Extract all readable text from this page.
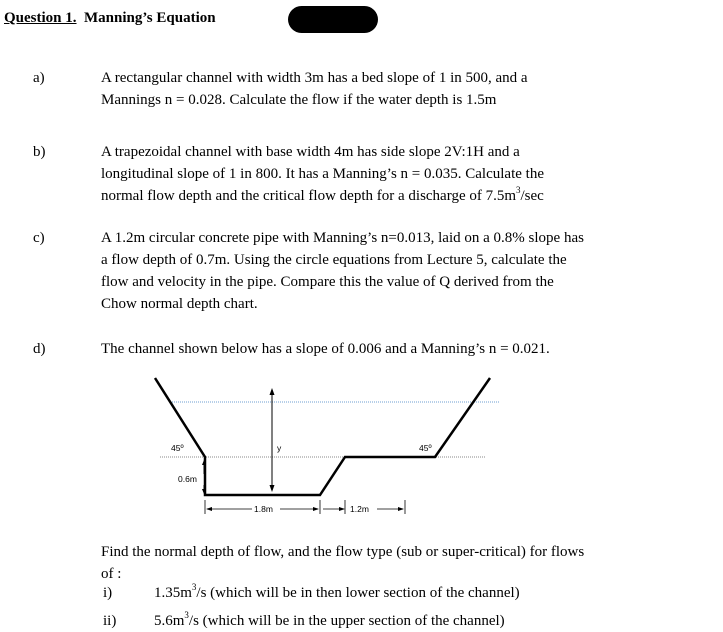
Question 1. Manning’s Equation
a)	A rectangular channel with width 3m has a bed slope of 1 in 500, and a
Mannings n = 0.028. Calculate the flow if the water depth is 1.5m
b)	A trapezoidal channel with base width 4m has side slope 2V:1H and a
longitudinal slope of 1 in 800. It has a Manning’s n = 0.035. Calculate the
normal flow depth and the critical flow depth for a discharge of $7.5m^3/\sec$
c)	A 1.2m circular concrete pipe with Manning’s n=0.013, laid on a 0.8% slope has
a flow depth of 0.7m. Using the circle equations from Lecture 5, calculate the
flow and velocity in the pipe. Compare this the value of Q derived from the
Chow normal depth chart.
d)	The channel shown below has a slope of 0.006 and a Manning’s n = 0.021.
45º	45º
y
0.6m
1.8m	1.2m
Find the normal depth of flow, and the flow type (sub or super-critical) for flows
of :
i)	$1.35m^3/s$ (which will be in then lower section of the channel)
ii)	$5.6m^3/s$ (which will be in the upper section of the channel)
